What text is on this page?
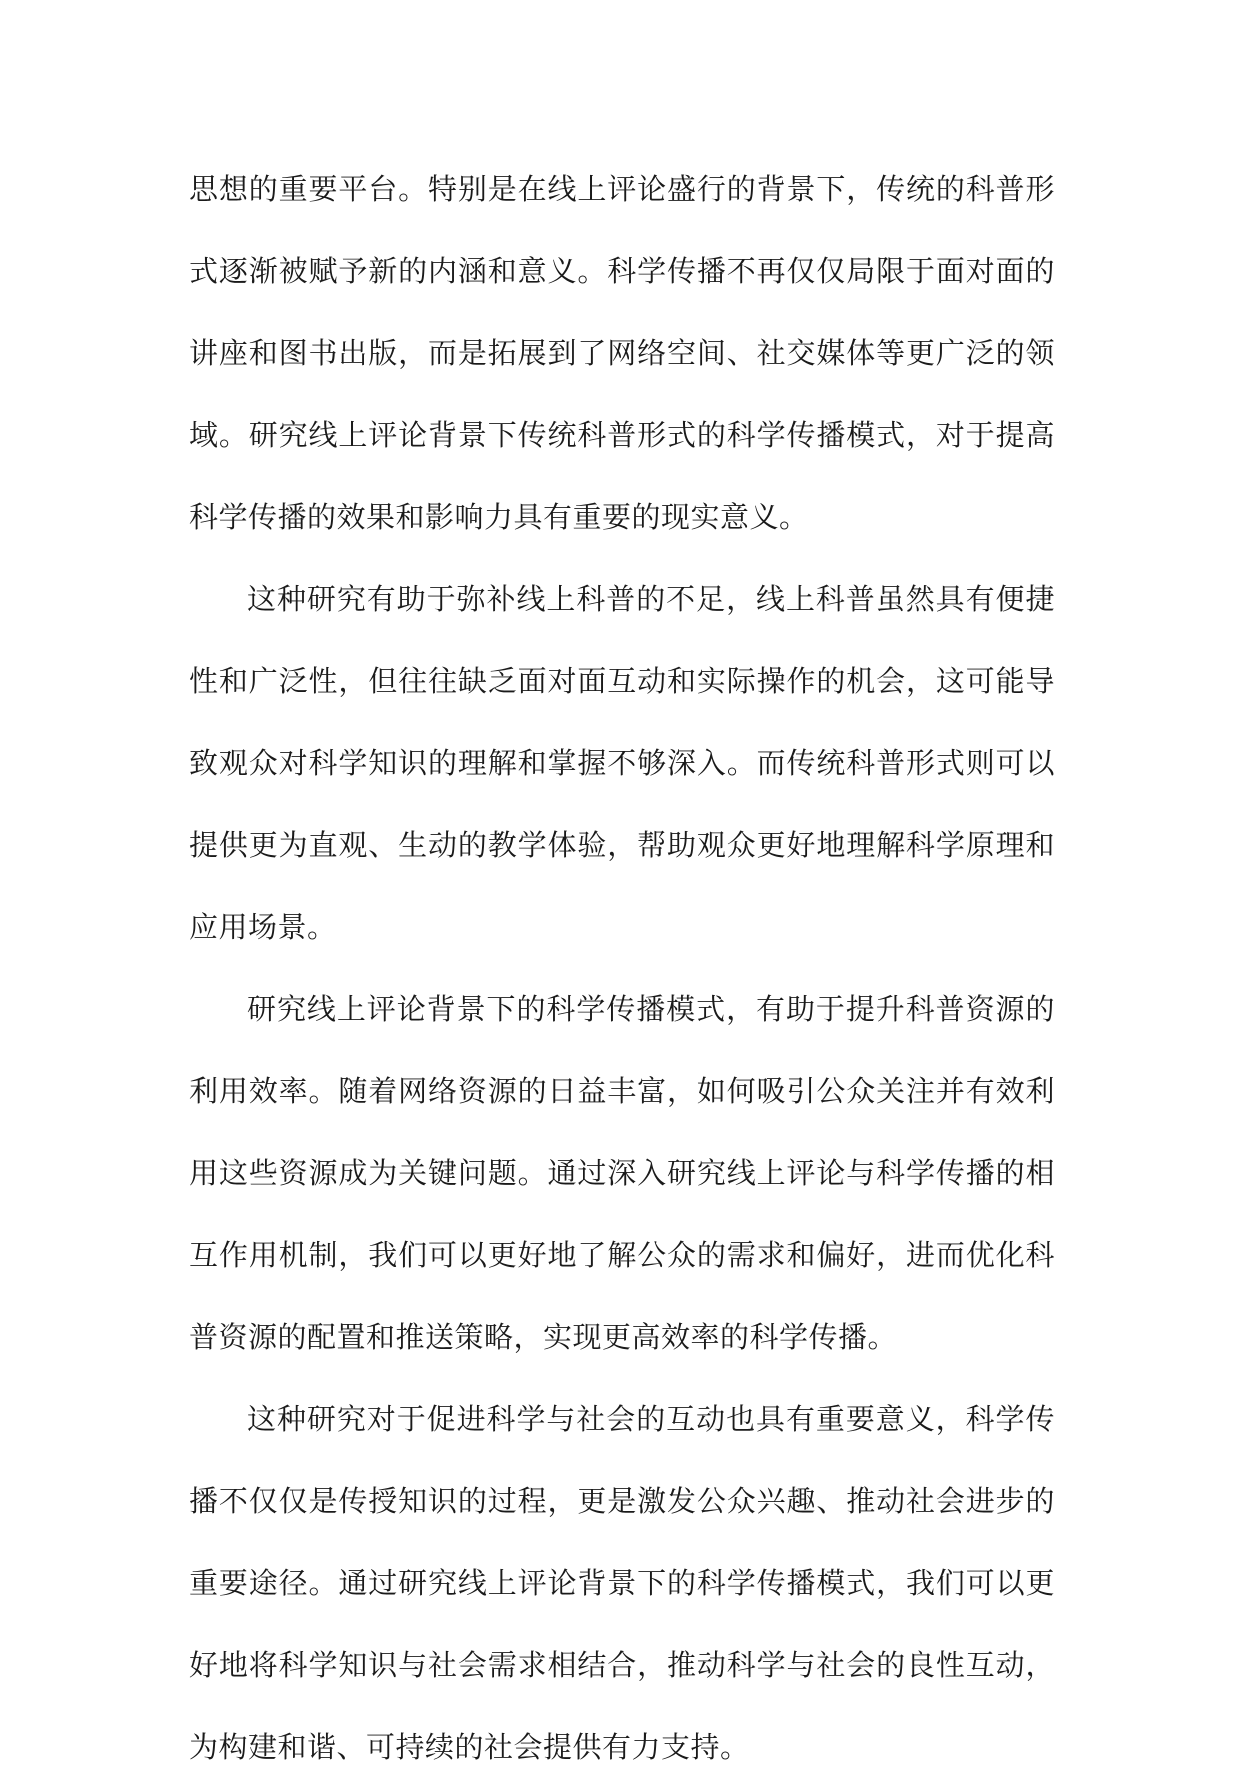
思想的重要平台。特别是在线上评论盛行的背景下，传统的科普形式逐渐被赋予新的内涵和意义。科学传播不再仅仅局限于面对面的讲座和图书出版，而是拓展到了网络空间、社交媒体等更广泛的领域。研究线上评论背景下传统科普形式的科学传播模式，对于提高科学传播的效果和影响力具有重要的现实意义。

这种研究有助于弥补线上科普的不足，线上科普虽然具有便捷性和广泛性，但往往缺乏面对面互动和实际操作的机会，这可能导致观众对科学知识的理解和掌握不够深入。而传统科普形式则可以提供更为直观、生动的教学体验，帮助观众更好地理解科学原理和应用场景。

研究线上评论背景下的科学传播模式，有助于提升科普资源的利用效率。随着网络资源的日益丰富，如何吸引公众关注并有效利用这些资源成为关键问题。通过深入研究线上评论与科学传播的相互作用机制，我们可以更好地了解公众的需求和偏好，进而优化科普资源的配置和推送策略，实现更高效率的科学传播。

这种研究对于促进科学与社会的互动也具有重要意义，科学传播不仅仅是传授知识的过程，更是激发公众兴趣、推动社会进步的重要途径。通过研究线上评论背景下的科学传播模式，我们可以更好地将科学知识与社会需求相结合，推动科学与社会的良性互动，为构建和谐、可持续的社会提供有力支持。
